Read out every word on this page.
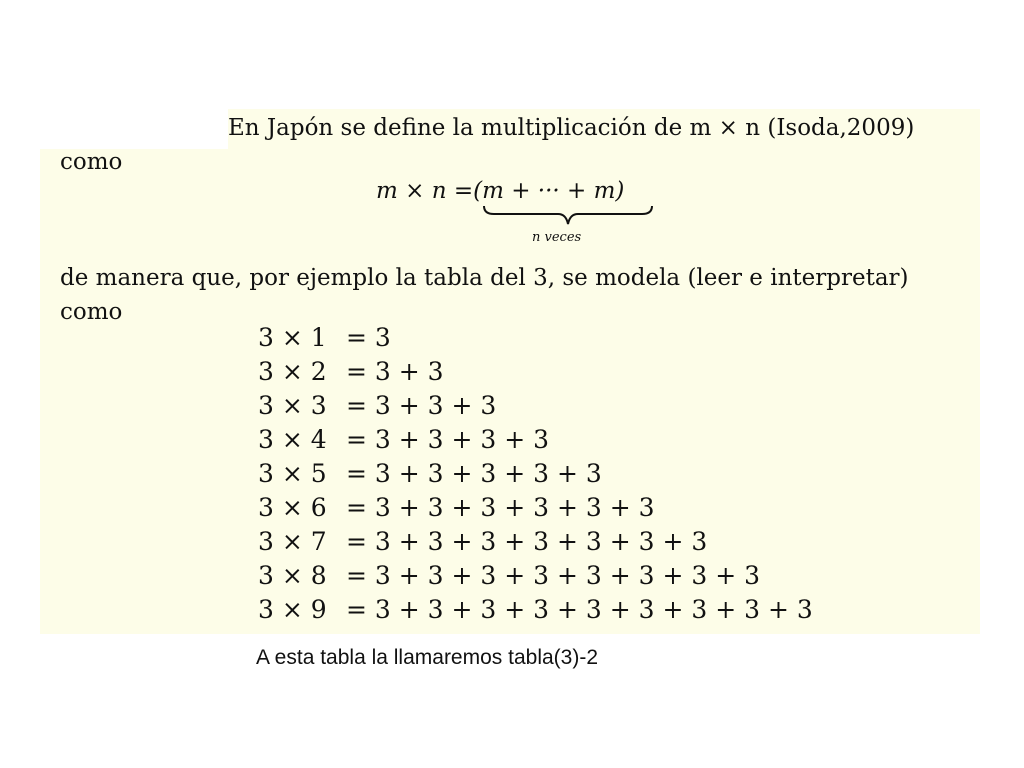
En Japón se define la multiplicación de m × n (Isoda,2009)
como
m × n =(m + ··· + m)
n veces
de manera que, por ejemplo la tabla del 3, se modela (leer e interpretar)
como
3 × 1 = 3
3 × 2 = 3 + 3
3 × 3 = 3 + 3 + 3
3 × 4 = 3 + 3 + 3 + 3
3 × 5 = 3 + 3 + 3 + 3 + 3
3 × 6 = 3 + 3 + 3 + 3 + 3 + 3
3 × 7 = 3 + 3 + 3 + 3 + 3 + 3 + 3
3 × 8 = 3 + 3 + 3 + 3 + 3 + 3 + 3 + 3
3 × 9 = 3 + 3 + 3 + 3 + 3 + 3 + 3 + 3 + 3
A esta tabla la llamaremos tabla(3)-2
